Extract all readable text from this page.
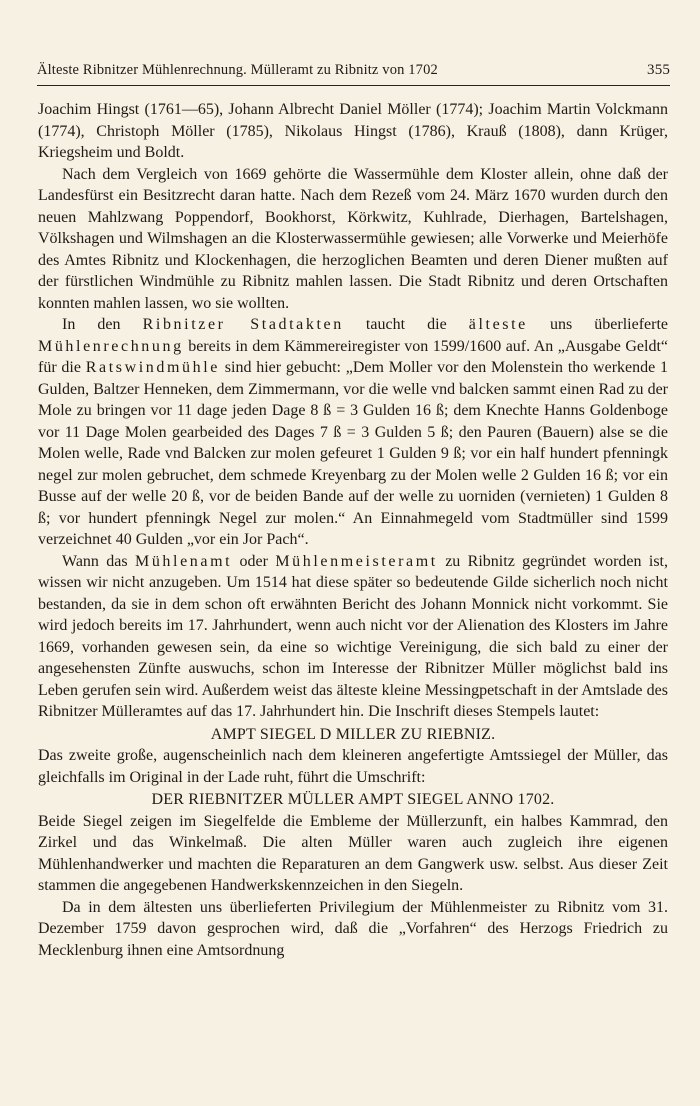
Älteste Ribnitzer Mühlenrechnung. Mülleramt zu Ribnitz von 1702	355

Joachim Hingst (1761—65), Johann Albrecht Daniel Möller (1774); Joachim Martin Volckmann (1774), Christoph Möller (1785), Nikolaus Hingst (1786), Krauß (1808), dann Krüger, Kriegsheim und Boldt.

Nach dem Vergleich von 1669 gehörte die Wassermühle dem Kloster allein, ohne daß der Landesfürst ein Besitzrecht daran hatte. Nach dem Rezeß vom 24. März 1670 wurden durch den neuen Mahlzwang Poppendorf, Bookhorst, Körkwitz, Kuhlrade, Dierhagen, Bartelshagen, Völkshagen und Wilmshagen an die Klosterwassermühle gewiesen; alle Vorwerke und Meierhöfe des Amtes Ribnitz und Klockenhagen, die herzoglichen Beamten und deren Diener mußten auf der fürstlichen Windmühle zu Ribnitz mahlen lassen. Die Stadt Ribnitz und deren Ortschaften konnten mahlen lassen, wo sie wollten.

In den Ribnitzer Stadtakten taucht die älteste uns überlieferte Mühlenrechnung bereits in dem Kämmereiregister von 1599/1600 auf. An „Ausgabe Geldt“ für die Ratswindmühle sind hier gebucht: „Dem Moller vor den Molenstein tho werkende 1 Gulden, Baltzer Henneken, dem Zimmermann, vor die welle vnd balcken sammt einen Rad zu der Mole zu bringen vor 11 dage jeden Dage 8 ß = 3 Gulden 16 ß; dem Knechte Hanns Goldenboge vor 11 Dage Molen gearbeided des Dages 7 ß = 3 Gulden 5 ß; den Pauren (Bauern) alse se die Molen welle, Rade vnd Balcken zur molen gefeuret 1 Gulden 9 ß; vor ein half hundert pfenningk negel zur molen gebruchet, dem schmede Kreyenbarg zu der Molen welle 2 Gulden 16 ß; vor ein Busse auf der welle 20 ß, vor de beiden Bande auf der welle zu uorniden (vernieten) 1 Gulden 8 ß; vor hundert pfenningk Negel zur molen.“ An Einnahmegeld vom Stadtmüller sind 1599 verzeichnet 40 Gulden „vor ein Jor Pach“.

Wann das Mühlenamt oder Mühlenmeisteramt zu Ribnitz gegründet worden ist, wissen wir nicht anzugeben. Um 1514 hat diese später so bedeutende Gilde sicherlich noch nicht bestanden, da sie in dem schon oft erwähnten Bericht des Johann Monnick nicht vorkommt. Sie wird jedoch bereits im 17. Jahrhundert, wenn auch nicht vor der Alienation des Klosters im Jahre 1669, vorhanden gewesen sein, da eine so wichtige Vereinigung, die sich bald zu einer der angesehensten Zünfte auswuchs, schon im Interesse der Ribnitzer Müller möglichst bald ins Leben gerufen sein wird. Außerdem weist das älteste kleine Messingpetschaft in der Amtslade des Ribnitzer Mülleramtes auf das 17. Jahrhundert hin. Die Inschrift dieses Stempels lautet:

AMPT SIEGEL D MILLER ZU RIEBNIZ.

Das zweite große, augenscheinlich nach dem kleineren angefertigte Amtssiegel der Müller, das gleichfalls im Original in der Lade ruht, führt die Umschrift:

DER RIEBNITZER MÜLLER AMPT SIEGEL ANNO 1702.

Beide Siegel zeigen im Siegelfelde die Embleme der Müllerzunft, ein halbes Kammrad, den Zirkel und das Winkelmaß. Die alten Müller waren auch zugleich ihre eigenen Mühlenhandwerker und machten die Reparaturen an dem Gangwerk usw. selbst. Aus dieser Zeit stammen die angegebenen Handwerkskennzeichen in den Siegeln.

Da in dem ältesten uns überlieferten Privilegium der Mühlenmeister zu Ribnitz vom 31. Dezember 1759 davon gesprochen wird, daß die „Vorfahren“ des Herzogs Friedrich zu Mecklenburg ihnen eine Amtsordnung
